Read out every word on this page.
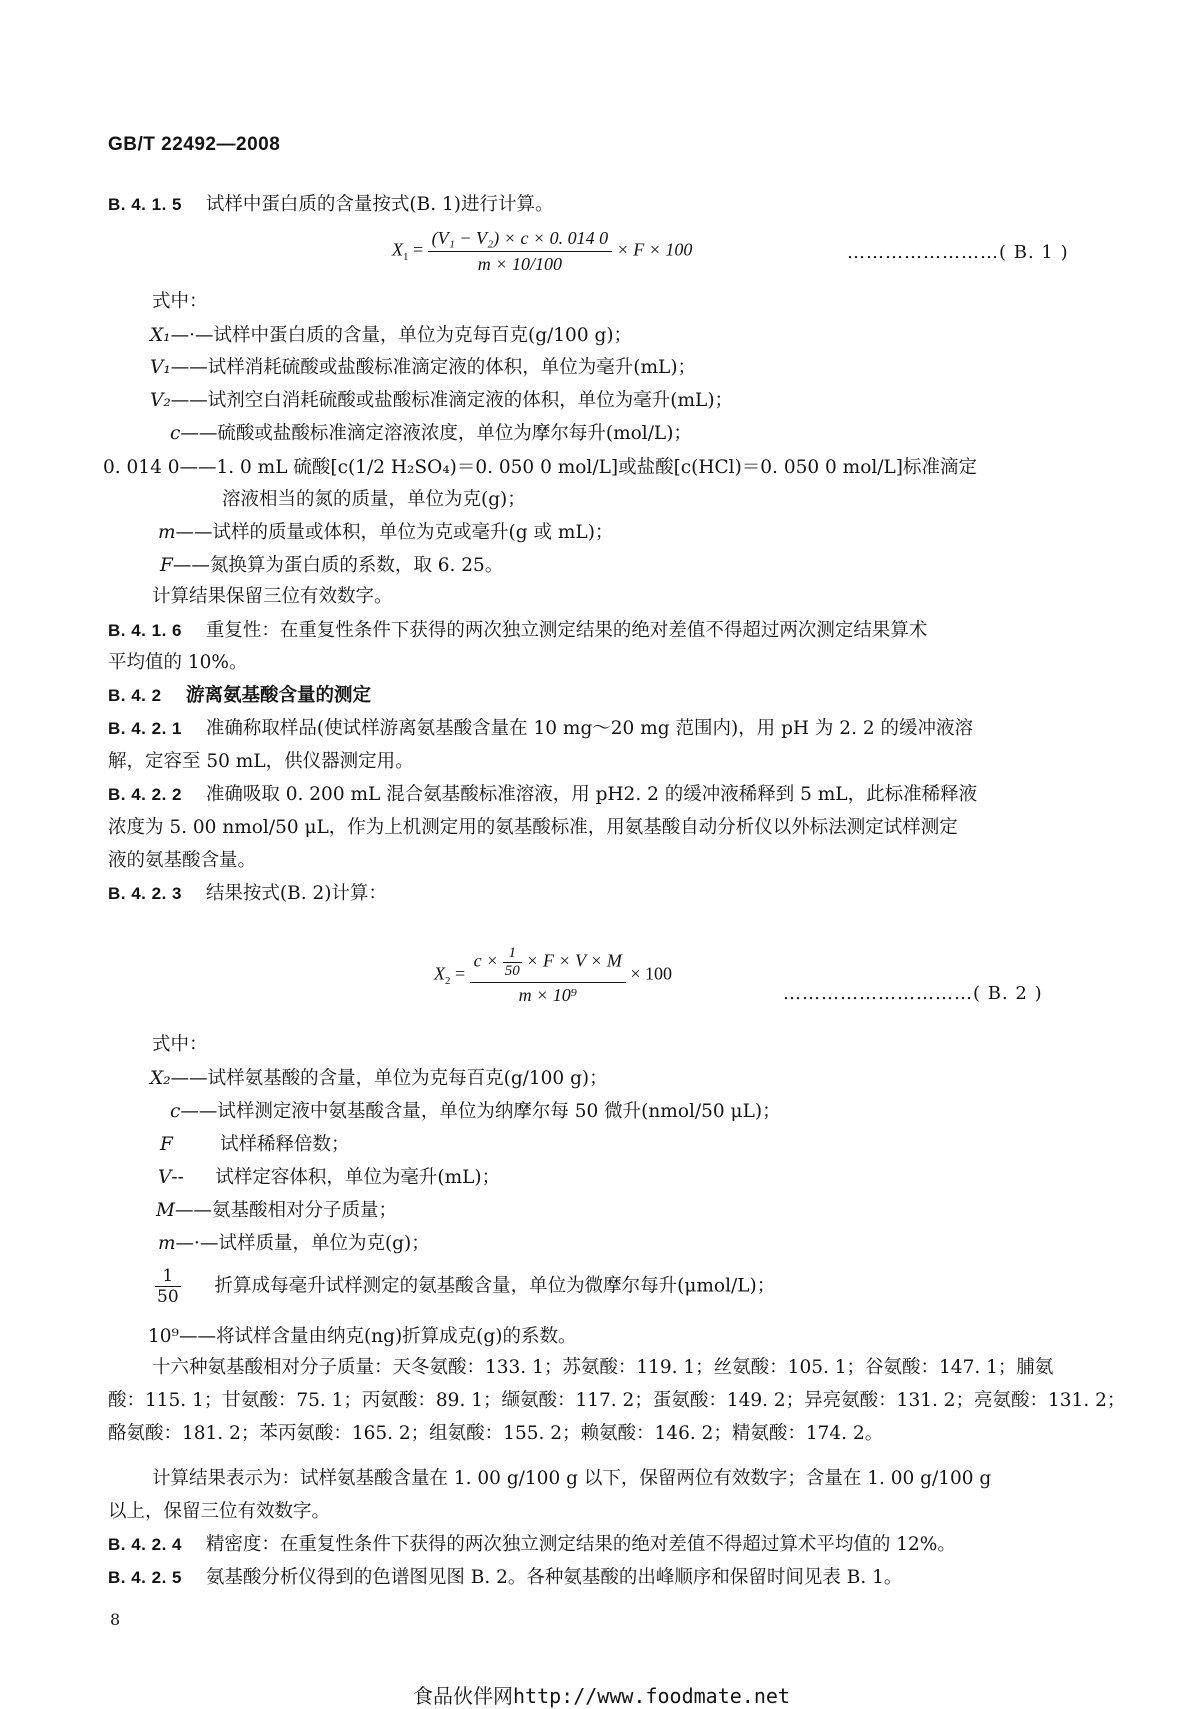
GB/T 22492—2008
B. 4. 1. 5 试样中蛋白质的含量按式(B. 1)进行计算。
$X_1 = \frac{\text{(V₁ − V₂) × c × 0. 014 0}}{m \times 10/100} \times F \times 100$	……………………( B. 1 )
式中：
X₁—·—试样中蛋白质的含量，单位为克每百克(g/100 g)；
V₁——试样消耗硫酸或盐酸标准滴定液的体积，单位为毫升(mL)；
V₂——试剂空白消耗硫酸或盐酸标准滴定液的体积，单位为毫升(mL)；
c——硫酸或盐酸标准滴定溶液浓度，单位为摩尔每升(mol/L)；
0. 014 0——1. 0 mL 硫酸[c(1/2 H₂SO₄)＝0. 050 0 mol/L]或盐酸[c(HCl)＝0. 050 0 mol/L]标准滴定
溶液相当的氮的质量，单位为克(g)；
m——试样的质量或体积，单位为克或毫升(g 或 mL)；
F——氮换算为蛋白质的系数，取 6. 25。
计算结果保留三位有效数字。
B. 4. 1. 6 重复性：在重复性条件下获得的两次独立测定结果的绝对差值不得超过两次测定结果算术
平均值的 10%。
B. 4. 2 游离氨基酸含量的测定
B. 4. 2. 1 准确称取样品(使试样游离氨基酸含量在 10 mg～20 mg 范围内)，用 pH 为 2. 2 的缓冲液溶
解，定容至 50 mL，供仪器测定用。
B. 4. 2. 2 准确吸取 0. 200 mL 混合氨基酸标准溶液，用 pH2. 2 的缓冲液稀释到 5 mL，此标准稀释液
浓度为 5. 00 nmol/50 μL，作为上机测定用的氨基酸标准，用氨基酸自动分析仪以外标法测定试样测定
液的氨基酸含量。
B. 4. 2. 3 结果按式(B. 2)计算：
$X_2$ =
$c \times \frac{1}{50} \times F \times V \times M$
m × 10⁹
× 100
…………………………( B. 2 )
式中：
X₂——试样氨基酸的含量，单位为克每百克(g/100 g)；
c——试样测定液中氨基酸含量，单位为纳摩尔每 50 微升(nmol/50 μL)；
F	试样稀释倍数；
V--试样定容体积，单位为毫升(mL)；
M——氨基酸相对分子质量；
m—·—试样质量，单位为克(g)；
$\frac{1}{50}$ 折算成每毫升试样测定的氨基酸含量，单位为微摩尔每升(μmol/L)；
10⁹——将试样含量由纳克(ng)折算成克(g)的系数。
十六种氨基酸相对分子质量：天冬氨酸：133. 1；苏氨酸：119. 1；丝氨酸：105. 1；谷氨酸：147. 1；脯氨
酸：115. 1；甘氨酸：75. 1；丙氨酸：89. 1；缬氨酸：117. 2；蛋氨酸：149. 2；异亮氨酸：131. 2；亮氨酸：131. 2；
酪氨酸：181. 2；苯丙氨酸：165. 2；组氨酸：155. 2；赖氨酸：146. 2；精氨酸：174. 2。
计算结果表示为：试样氨基酸含量在 1. 00 g/100 g 以下，保留两位有效数字；含量在 1. 00 g/100 g
以上，保留三位有效数字。
B. 4. 2. 4 精密度：在重复性条件下获得的两次独立测定结果的绝对差值不得超过算术平均值的 12%。
B. 4. 2. 5 氨基酸分析仪得到的色谱图见图 B. 2。各种氨基酸的出峰顺序和保留时间见表 B. 1。
8
食品伙伴网http://www.foodmate.net
